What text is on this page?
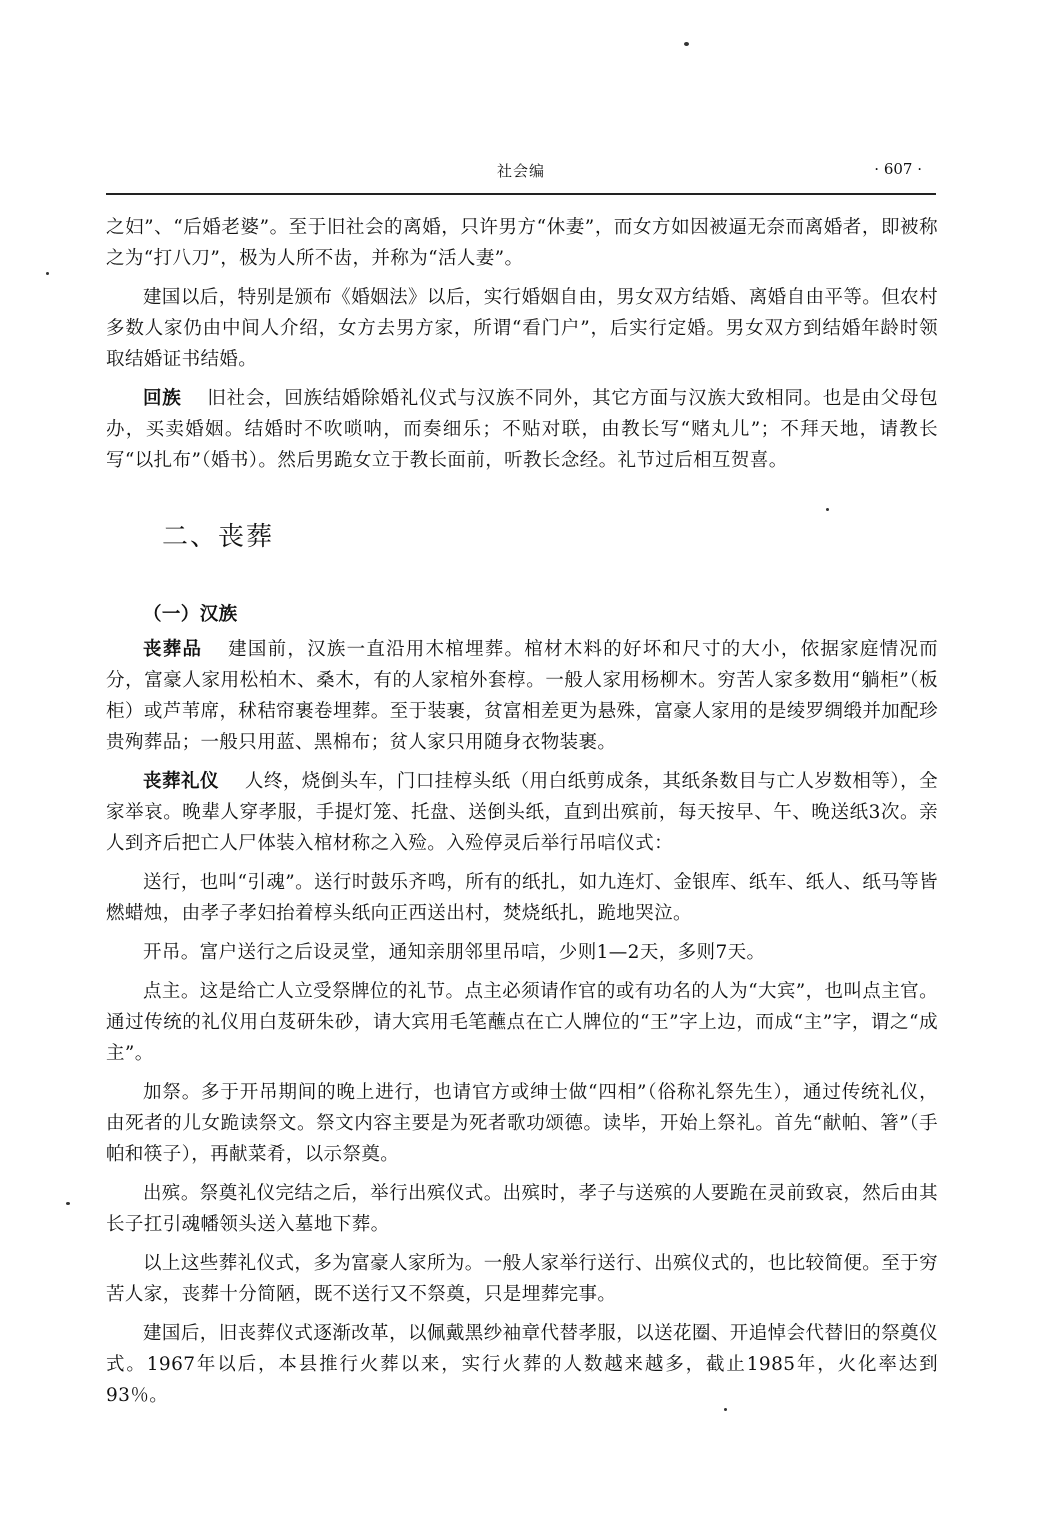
社会编	· 607 ·

之妇”、“后婚老婆”。至于旧社会的离婚，只许男方“休妻”，而女方如因被逼无奈而离婚者，即被称之为“打八刀”，极为人所不齿，并称为“活人妻”。

建国以后，特别是颁布《婚姻法》以后，实行婚姻自由，男女双方结婚、离婚自由平等。但农村多数人家仍由中间人介绍，女方去男方家，所谓“看门户”，后实行定婚。男女双方到结婚年龄时领取结婚证书结婚。

回族 旧社会，回族结婚除婚礼仪式与汉族不同外，其它方面与汉族大致相同。也是由父母包办，买卖婚姻。结婚时不吹唢呐，而奏细乐；不贴对联，由教长写“赌丸儿”；不拜天地，请教长写“以扎布”（婚书）。然后男跪女立于教长面前，听教长念经。礼节过后相互贺喜。

二、丧葬
（一）汉族

丧葬品 建国前，汉族一直沿用木棺埋葬。棺材木料的好坏和尺寸的大小，依据家庭情况而分，富豪人家用松柏木、桑木，有的人家棺外套椁。一般人家用杨柳木。穷苦人家多数用“躺柜”（板柜）或芦苇席，秫秸帘裹卷埋葬。至于装裹，贫富相差更为悬殊，富豪人家用的是绫罗绸缎并加配珍贵殉葬品；一般只用蓝、黑棉布；贫人家只用随身衣物装裹。

丧葬礼仪 人终，烧倒头车，门口挂椁头纸（用白纸剪成条，其纸条数目与亡人岁数相等），全家举哀。晚辈人穿孝服，手提灯笼、托盘、送倒头纸，直到出殡前，每天按早、午、晚送纸3次。亲人到齐后把亡人尸体装入棺材称之入殓。入殓停灵后举行吊唁仪式：

送行，也叫“引魂”。送行时鼓乐齐鸣，所有的纸扎，如九连灯、金银库、纸车、纸人、纸马等皆燃蜡烛，由孝子孝妇抬着椁头纸向正西送出村，焚烧纸扎，跪地哭泣。

开吊。富户送行之后设灵堂，通知亲朋邻里吊唁，少则1—2天，多则7天。

点主。这是给亡人立受祭牌位的礼节。点主必须请作官的或有功名的人为“大宾”，也叫点主官。通过传统的礼仪用白芨研朱砂，请大宾用毛笔蘸点在亡人牌位的“王”字上边，而成“主”字，谓之“成主”。

加祭。多于开吊期间的晚上进行，也请官方或绅士做“四相”（俗称礼祭先生），通过传统礼仪，由死者的儿女跪读祭文。祭文内容主要是为死者歌功颂德。读毕，开始上祭礼。首先“献帕、箸”（手帕和筷子），再献菜肴，以示祭奠。

出殡。祭奠礼仪完结之后，举行出殡仪式。出殡时，孝子与送殡的人要跪在灵前致哀，然后由其长子扛引魂幡领头送入墓地下葬。

以上这些葬礼仪式，多为富豪人家所为。一般人家举行送行、出殡仪式的，也比较简便。至于穷苦人家，丧葬十分简陋，既不送行又不祭奠，只是埋葬完事。

建国后，旧丧葬仪式逐渐改革，以佩戴黑纱袖章代替孝服，以送花圈、开追悼会代替旧的祭奠仪式。1967年以后，本县推行火葬以来，实行火葬的人数越来越多，截止1985年，火化率达到93％。
